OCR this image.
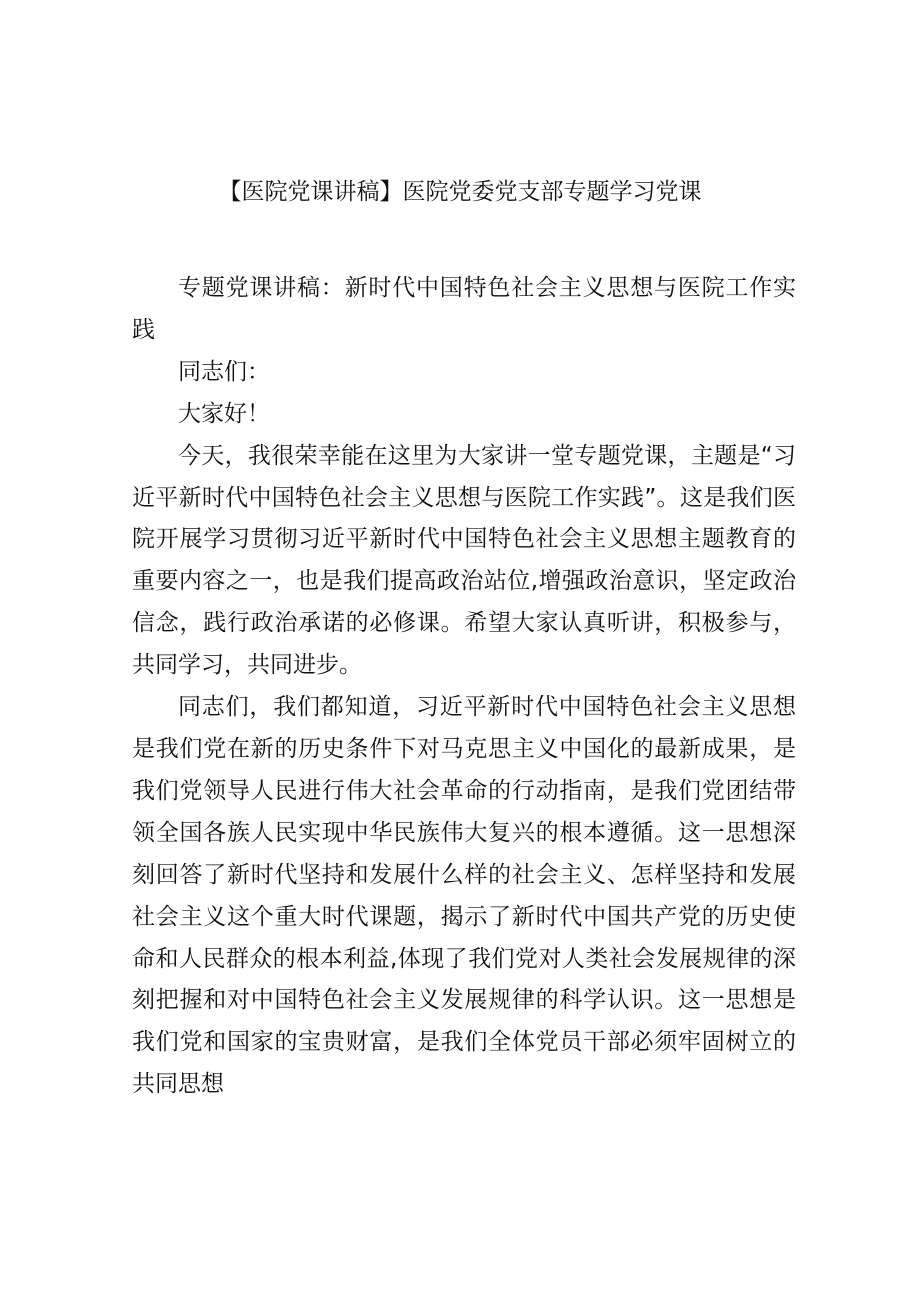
【医院党课讲稿】医院党委党支部专题学习党课

专题党课讲稿：新时代中国特色社会主义思想与医院工作实践

同志们：

大家好！

今天，我很荣幸能在这里为大家讲一堂专题党课，主题是“习近平新时代中国特色社会主义思想与医院工作实践”。这是我们医院开展学习贯彻习近平新时代中国特色社会主义思想主题教育的重要内容之一，也是我们提高政治站位,增强政治意识，坚定政治信念，践行政治承诺的必修课。希望大家认真听讲，积极参与，共同学习，共同进步。

同志们，我们都知道，习近平新时代中国特色社会主义思想是我们党在新的历史条件下对马克思主义中国化的最新成果，是我们党领导人民进行伟大社会革命的行动指南，是我们党团结带领全国各族人民实现中华民族伟大复兴的根本遵循。这一思想深刻回答了新时代坚持和发展什么样的社会主义、怎样坚持和发展社会主义这个重大时代课题，揭示了新时代中国共产党的历史使命和人民群众的根本利益,体现了我们党对人类社会发展规律的深刻把握和对中国特色社会主义发展规律的科学认识。这一思想是我们党和国家的宝贵财富，是我们全体党员干部必须牢固树立的共同思想
